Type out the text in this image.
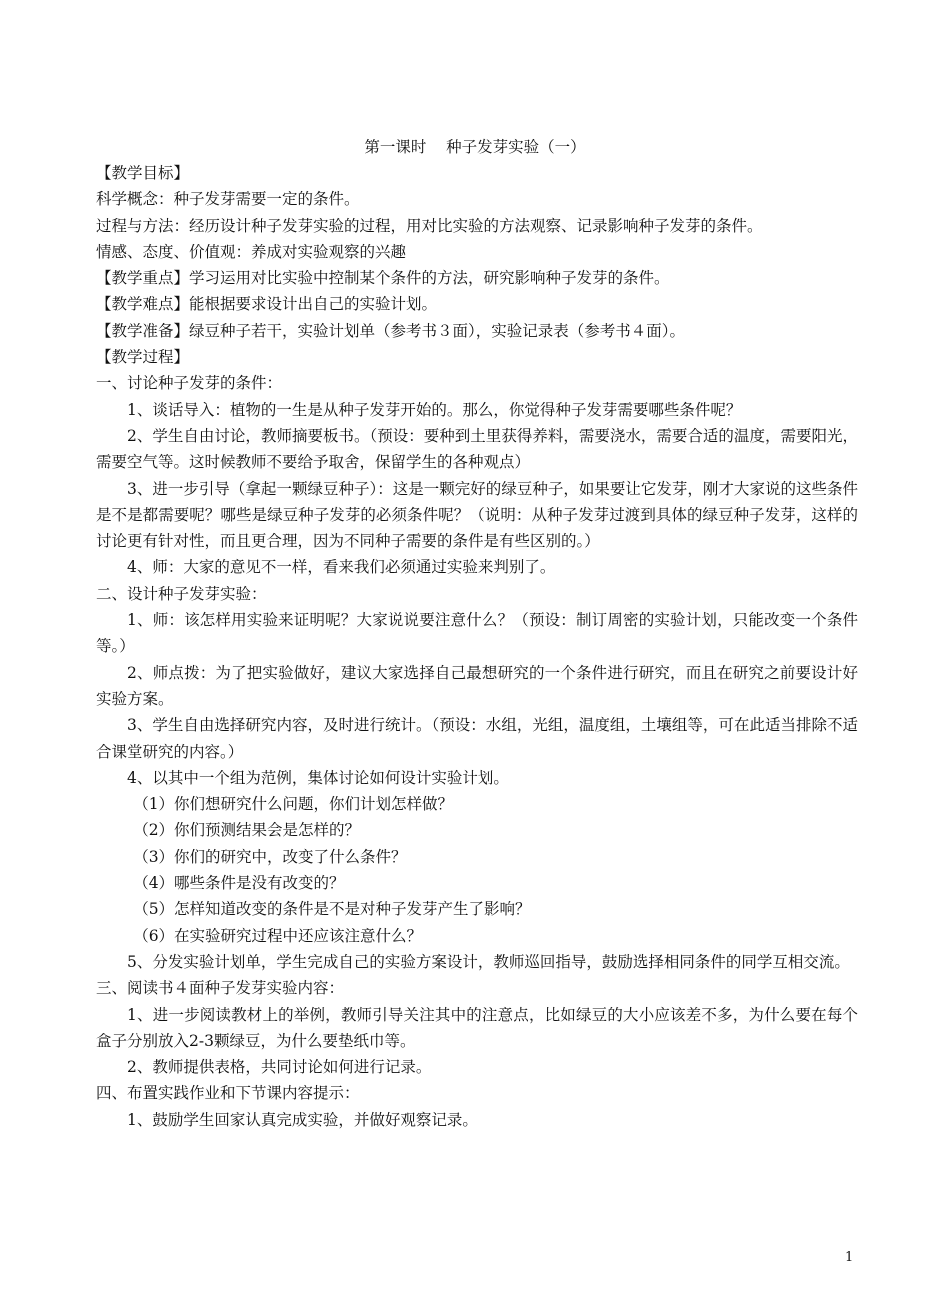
第一课时    种子发芽实验（一）

【教学目标】

科学概念：种子发芽需要一定的条件。

过程与方法：经历设计种子发芽实验的过程，用对比实验的方法观察、记录影响种子发芽的条件。

情感、态度、价值观：养成对实验观察的兴趣

【教学重点】学习运用对比实验中控制某个条件的方法，研究影响种子发芽的条件。

【教学难点】能根据要求设计出自己的实验计划。

【教学准备】绿豆种子若干，实验计划单（参考书３面），实验记录表（参考书４面）。

【教学过程】

一、讨论种子发芽的条件：

1、谈话导入：植物的一生是从种子发芽开始的。那么，你觉得种子发芽需要哪些条件呢？

2、学生自由讨论，教师摘要板书。（预设：要种到土里获得养料，需要浇水，需要合适的温度，需要阳光，需要空气等。这时候教师不要给予取舍，保留学生的各种观点）

3、进一步引导（拿起一颗绿豆种子）：这是一颗完好的绿豆种子，如果要让它发芽，刚才大家说的这些条件是不是都需要呢？哪些是绿豆种子发芽的必须条件呢？（说明：从种子发芽过渡到具体的绿豆种子发芽，这样的讨论更有针对性，而且更合理，因为不同种子需要的条件是有些区别的。）

4、师：大家的意见不一样，看来我们必须通过实验来判别了。

二、设计种子发芽实验：

1、师：该怎样用实验来证明呢？大家说说要注意什么？（预设：制订周密的实验计划，只能改变一个条件等。）

2、师点拨：为了把实验做好，建议大家选择自己最想研究的一个条件进行研究，而且在研究之前要设计好实验方案。

3、学生自由选择研究内容，及时进行统计。（预设：水组，光组，温度组，土壤组等，可在此适当排除不适合课堂研究的内容。）

4、以其中一个组为范例，集体讨论如何设计实验计划。

（1）你们想研究什么问题，你们计划怎样做？

（2）你们预测结果会是怎样的？

（3）你们的研究中，改变了什么条件？

（4）哪些条件是没有改变的？

（5）怎样知道改变的条件是不是对种子发芽产生了影响？

（6）在实验研究过程中还应该注意什么？

5、分发实验计划单，学生完成自己的实验方案设计，教师巡回指导，鼓励选择相同条件的同学互相交流。

三、阅读书４面种子发芽实验内容：

1、进一步阅读教材上的举例，教师引导关注其中的注意点，比如绿豆的大小应该差不多，为什么要在每个盒子分别放入2-3颗绿豆，为什么要垫纸巾等。

2、教师提供表格，共同讨论如何进行记录。

四、布置实践作业和下节课内容提示：

1、鼓励学生回家认真完成实验，并做好观察记录。

1
